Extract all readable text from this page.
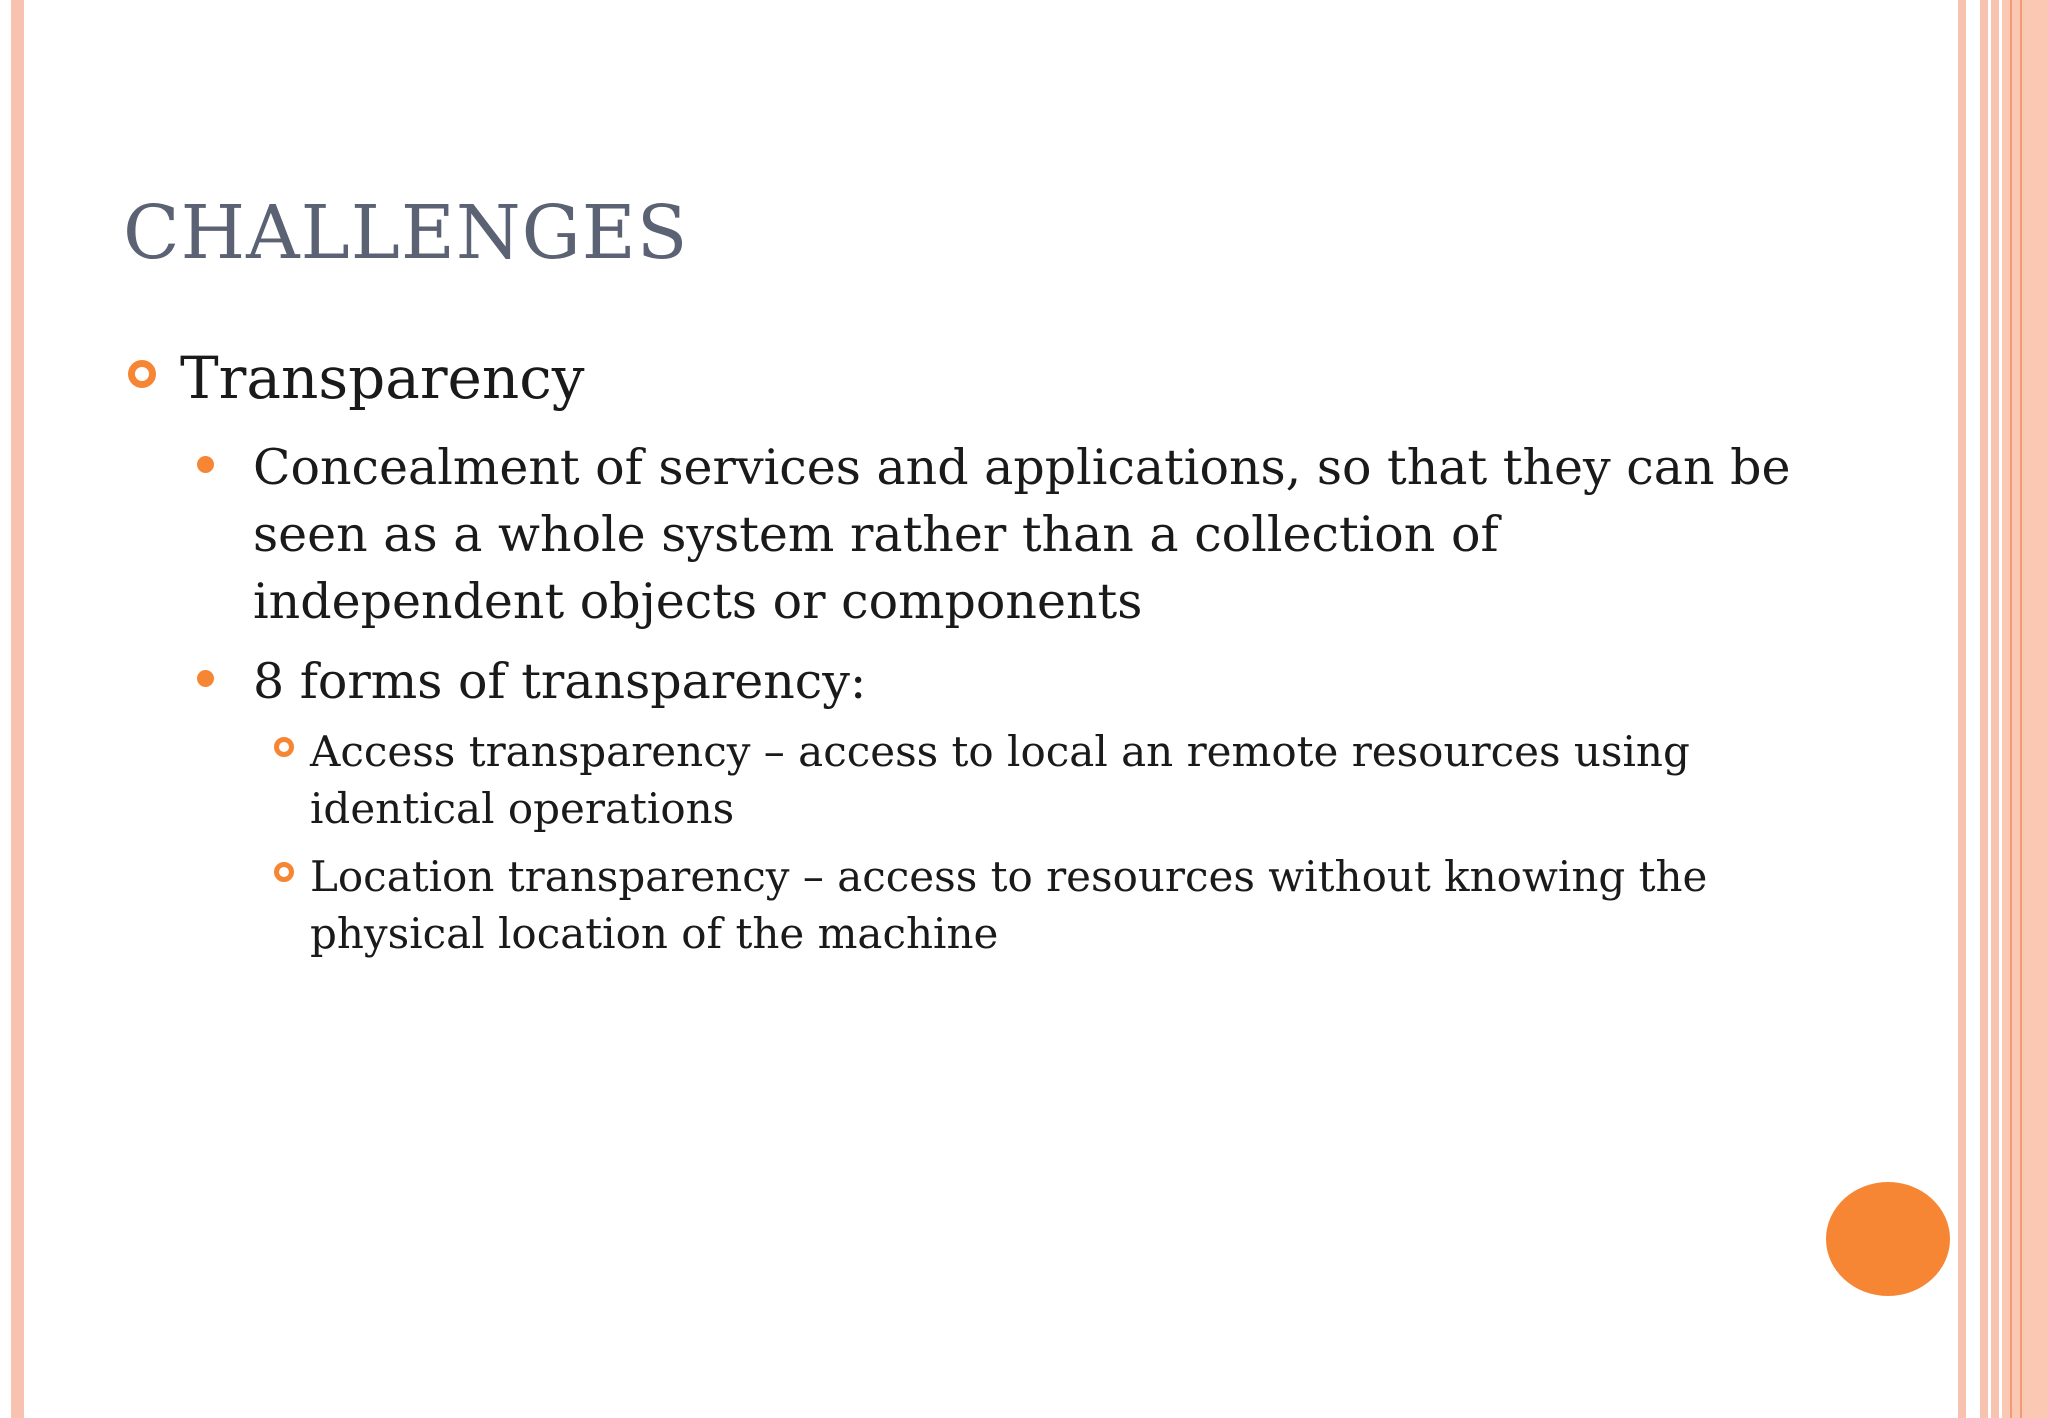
CHALLENGES
Transparency
Concealment of services and applications, so that they can be seen as a whole system rather than a collection of independent objects or components
8 forms of transparency:
Access transparency – access to local an remote resources using identical operations
Location transparency – access to resources without knowing the physical location of the machine
